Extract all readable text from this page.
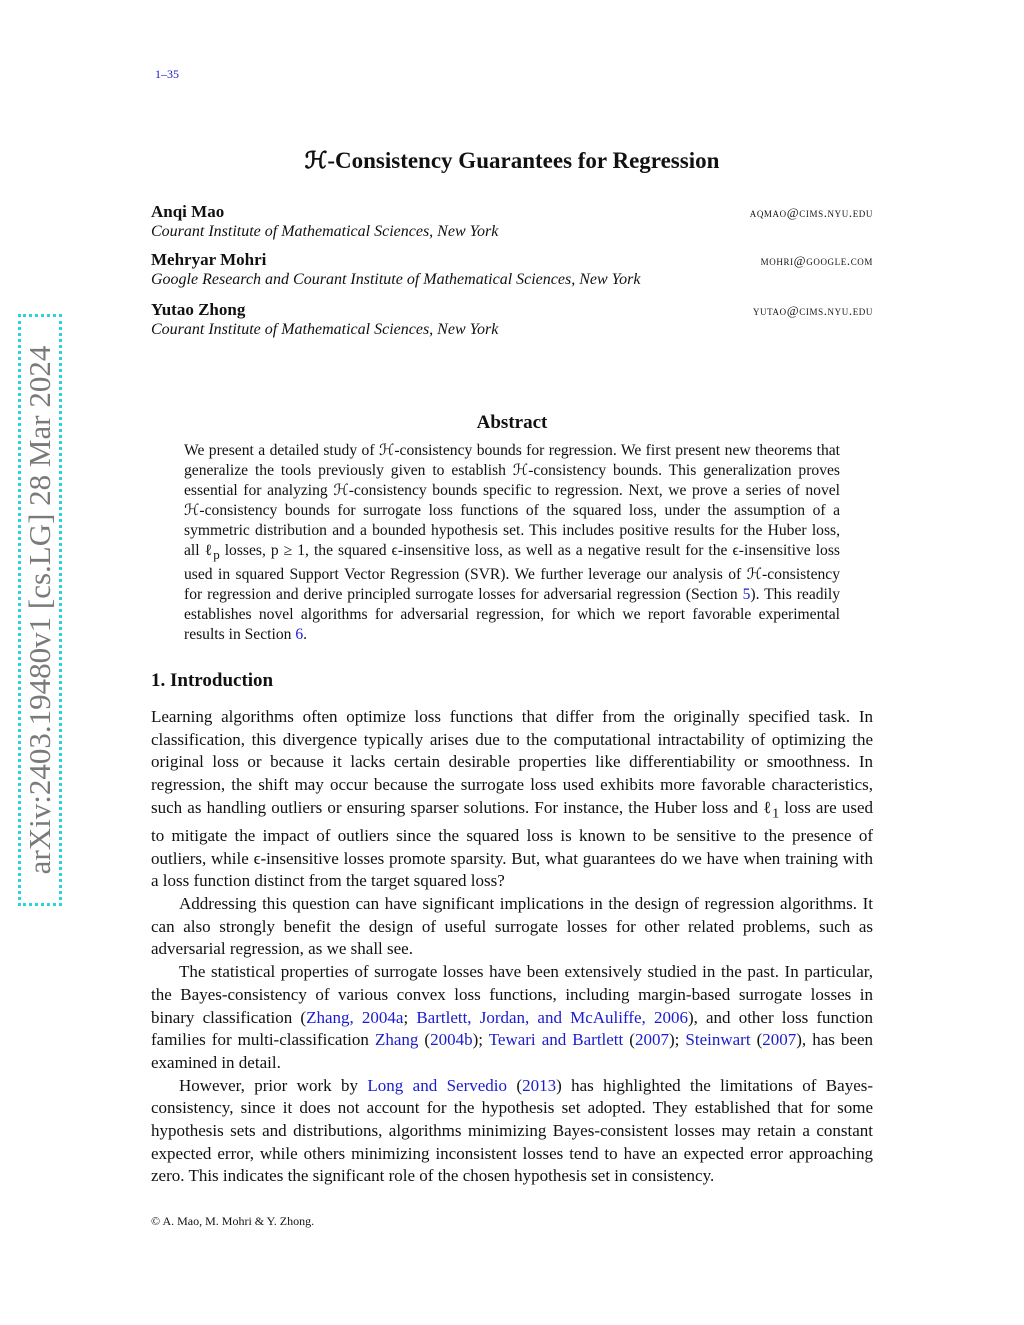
1–35
ℋ-Consistency Guarantees for Regression
Anqi Mao	aqmao@cims.nyu.edu
Courant Institute of Mathematical Sciences, New York
Mehryar Mohri	mohri@google.com
Google Research and Courant Institute of Mathematical Sciences, New York
Yutao Zhong	yutao@cims.nyu.edu
Courant Institute of Mathematical Sciences, New York
Abstract
We present a detailed study of ℋ-consistency bounds for regression. We first present new theorems that generalize the tools previously given to establish ℋ-consistency bounds. This generalization proves essential for analyzing ℋ-consistency bounds specific to regression. Next, we prove a series of novel ℋ-consistency bounds for surrogate loss functions of the squared loss, under the assumption of a symmetric distribution and a bounded hypothesis set. This includes positive results for the Huber loss, all ℓ$_p$ losses, p ≥ 1, the squared ϵ-insensitive loss, as well as a negative result for the ϵ-insensitive loss used in squared Support Vector Regression (SVR). We further leverage our analysis of ℋ-consistency for regression and derive principled surrogate losses for adversarial regression (Section 5). This readily establishes novel algorithms for adversarial regression, for which we report favorable experimental results in Section 6.
1. Introduction

Learning algorithms often optimize loss functions that differ from the originally specified task. In classification, this divergence typically arises due to the computational intractability of optimizing the original loss or because it lacks certain desirable properties like differentiability or smoothness. In regression, the shift may occur because the surrogate loss used exhibits more favorable characteristics, such as handling outliers or ensuring sparser solutions. For instance, the Huber loss and ℓ$_1$ loss are used to mitigate the impact of outliers since the squared loss is known to be sensitive to the presence of outliers, while ϵ-insensitive losses promote sparsity. But, what guarantees do we have when training with a loss function distinct from the target squared loss?

Addressing this question can have significant implications in the design of regression algorithms. It can also strongly benefit the design of useful surrogate losses for other related problems, such as adversarial regression, as we shall see.

The statistical properties of surrogate losses have been extensively studied in the past. In particular, the Bayes-consistency of various convex loss functions, including margin-based surrogate losses in binary classification (Zhang, 2004a; Bartlett, Jordan, and McAuliffe, 2006), and other loss function families for multi-classification Zhang (2004b); Tewari and Bartlett (2007); Steinwart (2007), has been examined in detail.

However, prior work by Long and Servedio (2013) has highlighted the limitations of Bayes-consistency, since it does not account for the hypothesis set adopted. They established that for some hypothesis sets and distributions, algorithms minimizing Bayes-consistent losses may retain a constant expected error, while others minimizing inconsistent losses tend to have an expected error approaching zero. This indicates the significant role of the chosen hypothesis set in consistency.

© A. Mao, M. Mohri & Y. Zhong.
arXiv:2403.19480v1 [cs.LG] 28 Mar 2024
